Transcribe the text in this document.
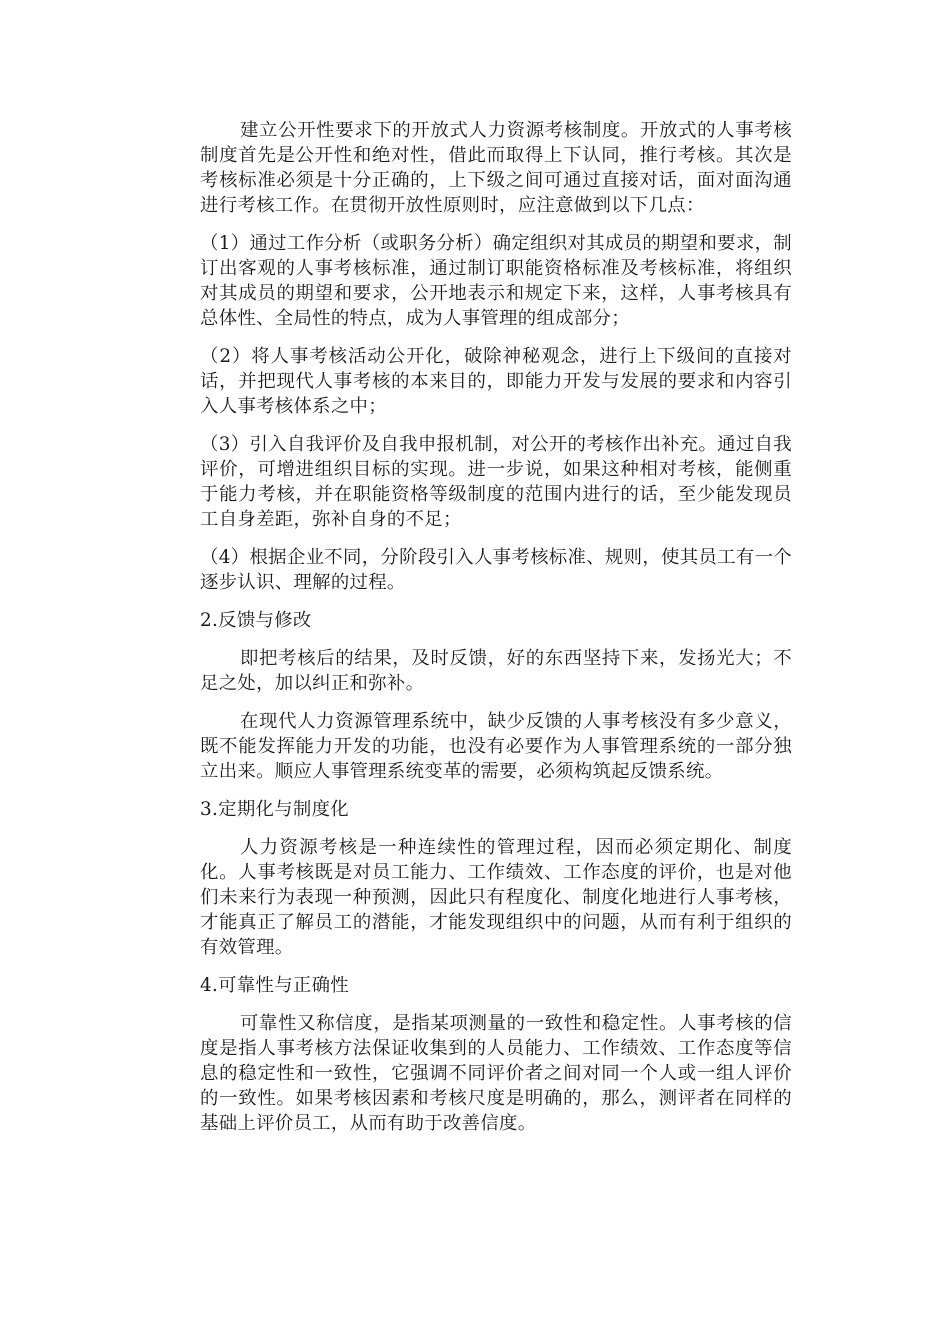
建立公开性要求下的开放式人力资源考核制度。开放式的人事考核制度首先是公开性和绝对性，借此而取得上下认同，推行考核。其次是考核标准必须是十分正确的，上下级之间可通过直接对话，面对面沟通进行考核工作。在贯彻开放性原则时，应注意做到以下几点：

（1）通过工作分析（或职务分析）确定组织对其成员的期望和要求，制订出客观的人事考核标准，通过制订职能资格标准及考核标准，将组织对其成员的期望和要求，公开地表示和规定下来，这样，人事考核具有总体性、全局性的特点，成为人事管理的组成部分；

（2）将人事考核活动公开化，破除神秘观念，进行上下级间的直接对话，并把现代人事考核的本来目的，即能力开发与发展的要求和内容引入人事考核体系之中；

（3）引入自我评价及自我申报机制，对公开的考核作出补充。通过自我评价，可增进组织目标的实现。进一步说，如果这种相对考核，能侧重于能力考核，并在职能资格等级制度的范围内进行的话，至少能发现员工自身差距，弥补自身的不足；

（4）根据企业不同，分阶段引入人事考核标准、规则，使其员工有一个逐步认识、理解的过程。

2.反馈与修改

即把考核后的结果，及时反馈，好的东西坚持下来，发扬光大；不足之处，加以纠正和弥补。

在现代人力资源管理系统中，缺少反馈的人事考核没有多少意义，既不能发挥能力开发的功能，也没有必要作为人事管理系统的一部分独立出来。顺应人事管理系统变革的需要，必须构筑起反馈系统。

3.定期化与制度化

人力资源考核是一种连续性的管理过程，因而必须定期化、制度化。人事考核既是对员工能力、工作绩效、工作态度的评价，也是对他们未来行为表现一种预测，因此只有程度化、制度化地进行人事考核，才能真正了解员工的潜能，才能发现组织中的问题，从而有利于组织的有效管理。

4.可靠性与正确性

可靠性又称信度，是指某项测量的一致性和稳定性。人事考核的信度是指人事考核方法保证收集到的人员能力、工作绩效、工作态度等信息的稳定性和一致性，它强调不同评价者之间对同一个人或一组人评价的一致性。如果考核因素和考核尺度是明确的，那么，测评者在同样的基础上评价员工，从而有助于改善信度。
